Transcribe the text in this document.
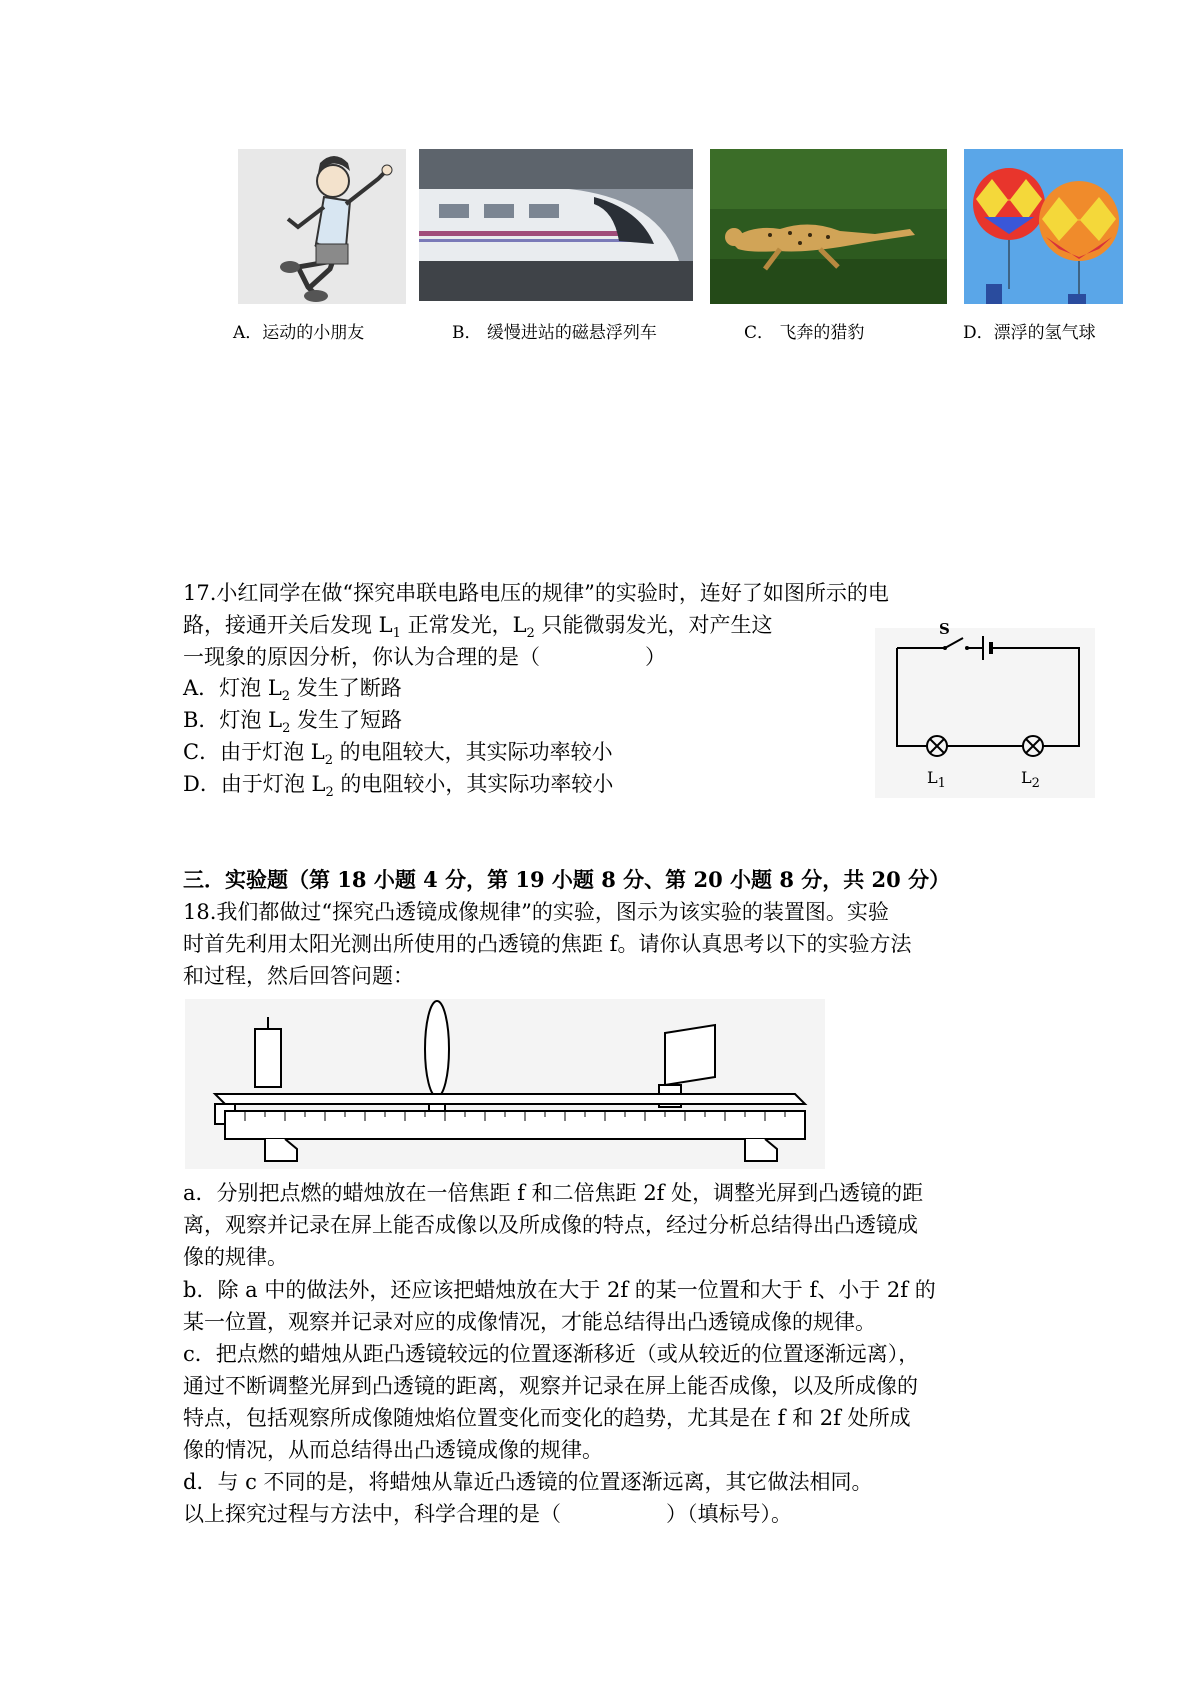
A．运动的小朋友	B． 缓慢进站的磁悬浮列车	C． 飞奔的猎豹	D．漂浮的氢气球
17.小红同学在做“探究串联电路电压的规律”的实验时，连好了如图所示的电
路，接通开关后发现 $L_1$ 正常发光，$L_2$ 只能微弱发光，对产生这
一现象的原因分析，你认为合理的是（　　　　　）
A．灯泡 $L_2$ 发生了断路
B．灯泡 $L_2$ 发生了短路
C．由于灯泡 $L_2$ 的电阻较大，其实际功率较小
D．由于灯泡 $L_2$ 的电阻较小，其实际功率较小
S
$L_1$	$L_2$
三．实验题（第 18 小题 4 分，第 19 小题 8 分、第 20 小题 8 分，共 20 分）
18.我们都做过“探究凸透镜成像规律”的实验，图示为该实验的装置图。实验
时首先利用太阳光测出所使用的凸透镜的焦距 f。请你认真思考以下的实验方法
和过程，然后回答问题：
a．分别把点燃的蜡烛放在一倍焦距 f 和二倍焦距 2f 处，调整光屏到凸透镜的距
离，观察并记录在屏上能否成像以及所成像的特点，经过分析总结得出凸透镜成
像的规律。
b．除 a 中的做法外，还应该把蜡烛放在大于 2f 的某一位置和大于 f、小于 2f 的
某一位置，观察并记录对应的成像情况，才能总结得出凸透镜成像的规律。
c．把点燃的蜡烛从距凸透镜较远的位置逐渐移近（或从较近的位置逐渐远离），
通过不断调整光屏到凸透镜的距离，观察并记录在屏上能否成像，以及所成像的
特点，包括观察所成像随烛焰位置变化而变化的趋势，尤其是在 f 和 2f 处所成
像的情况，从而总结得出凸透镜成像的规律。
d．与 c 不同的是，将蜡烛从靠近凸透镜的位置逐渐远离，其它做法相同。
以上探究过程与方法中，科学合理的是（　　　　　）（填标号）。
